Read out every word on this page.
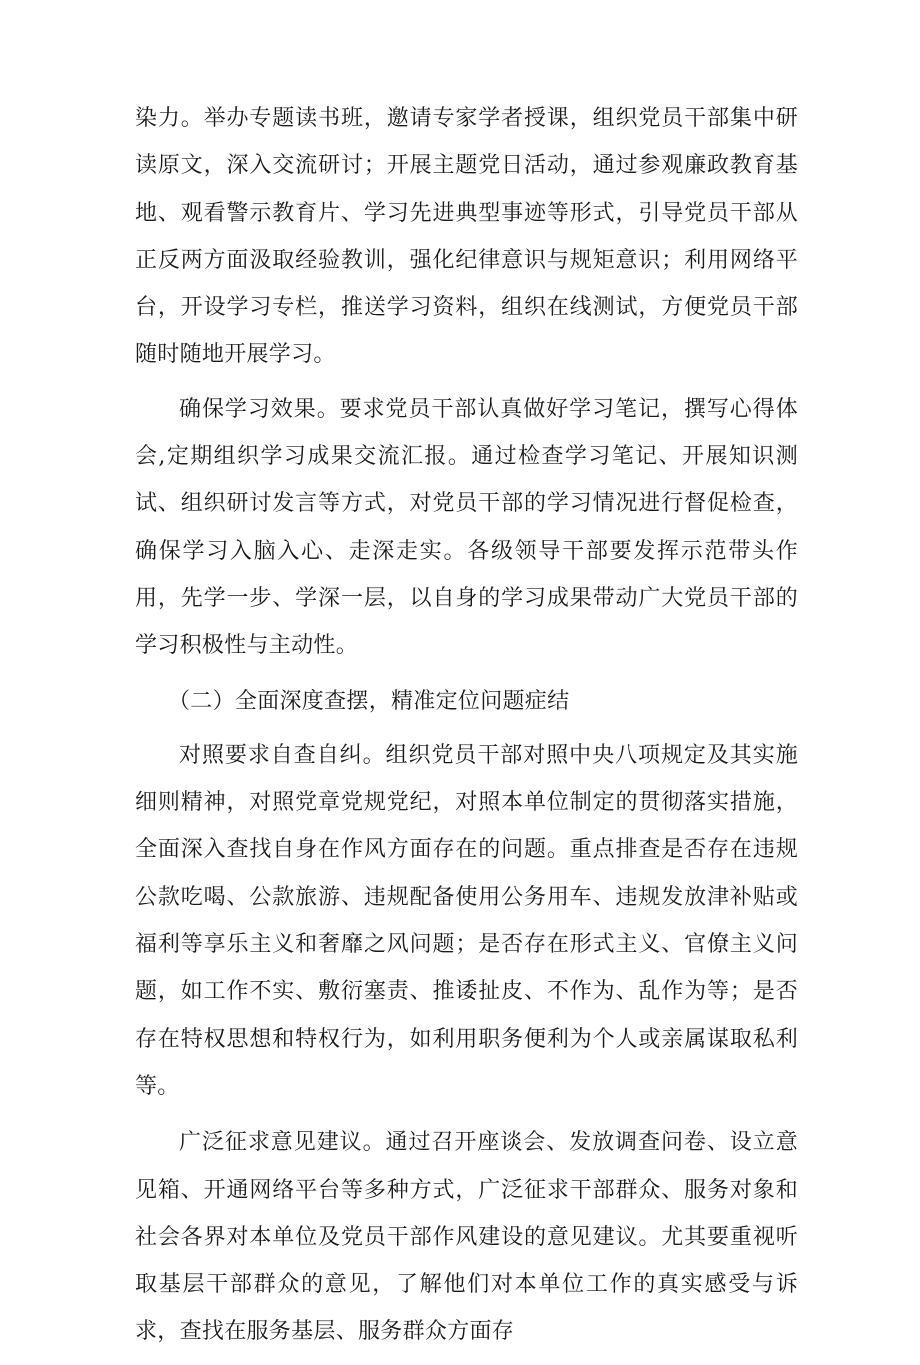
染力。举办专题读书班，邀请专家学者授课，组织党员干部集中研读原文，深入交流研讨；开展主题党日活动，通过参观廉政教育基地、观看警示教育片、学习先进典型事迹等形式，引导党员干部从正反两方面汲取经验教训，强化纪律意识与规矩意识；利用网络平台，开设学习专栏，推送学习资料，组织在线测试，方便党员干部随时随地开展学习。

确保学习效果。要求党员干部认真做好学习笔记，撰写心得体会,定期组织学习成果交流汇报。通过检查学习笔记、开展知识测试、组织研讨发言等方式，对党员干部的学习情况进行督促检查，确保学习入脑入心、走深走实。各级领导干部要发挥示范带头作用，先学一步、学深一层，以自身的学习成果带动广大党员干部的学习积极性与主动性。

（二）全面深度查摆，精准定位问题症结

对照要求自查自纠。组织党员干部对照中央八项规定及其实施细则精神，对照党章党规党纪，对照本单位制定的贯彻落实措施，全面深入查找自身在作风方面存在的问题。重点排查是否存在违规公款吃喝、公款旅游、违规配备使用公务用车、违规发放津补贴或福利等享乐主义和奢靡之风问题；是否存在形式主义、官僚主义问题，如工作不实、敷衍塞责、推诿扯皮、不作为、乱作为等；是否存在特权思想和特权行为，如利用职务便利为个人或亲属谋取私利等。

广泛征求意见建议。通过召开座谈会、发放调查问卷、设立意见箱、开通网络平台等多种方式，广泛征求干部群众、服务对象和社会各界对本单位及党员干部作风建设的意见建议。尤其要重视听取基层干部群众的意见，了解他们对本单位工作的真实感受与诉求，查找在服务基层、服务群众方面存
